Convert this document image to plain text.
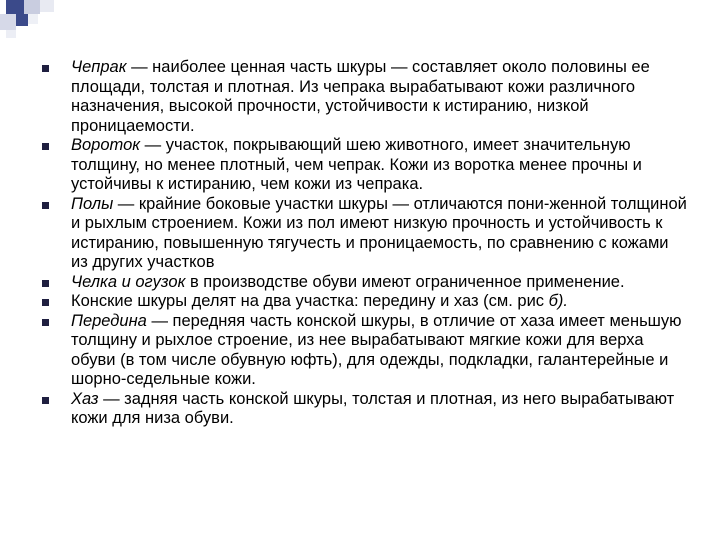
Чепрак — наиболее ценная часть шкуры — составляет около половины ее площади, толстая и плотная. Из чепрака вырабатывают кожи различного назначения, высокой прочности, устойчивости к истиранию, низкой проницаемости.
Вороток — участок, покрывающий шею животного, имеет значительную толщину, но менее плотный, чем чепрак. Кожи из воротка менее прочны и устойчивы к истиранию, чем кожи из чепрака.
Полы — крайние боковые участки шкуры — отличаются пони-женной толщиной и рыхлым строением. Кожи из пол имеют низкую прочность и устойчивость к истиранию, повышенную тягучесть и проницаемость, по сравнению с кожами из других участков
Челка и огузок в производстве обуви имеют ограниченное применение.
Конские шкуры делят на два участка: передину и хаз (см. рис б).
Передина — передняя часть конской шкуры, в отличие от хаза имеет меньшую толщину и рыхлое строение, из нее вырабатывают мягкие кожи для верха обуви (в том числе обувную юфть), для одежды, подкладки, галантерейные и шорно-седельные кожи.
Хаз — задняя часть конской шкуры, толстая и плотная, из него вырабатывают кожи для низа обуви.
